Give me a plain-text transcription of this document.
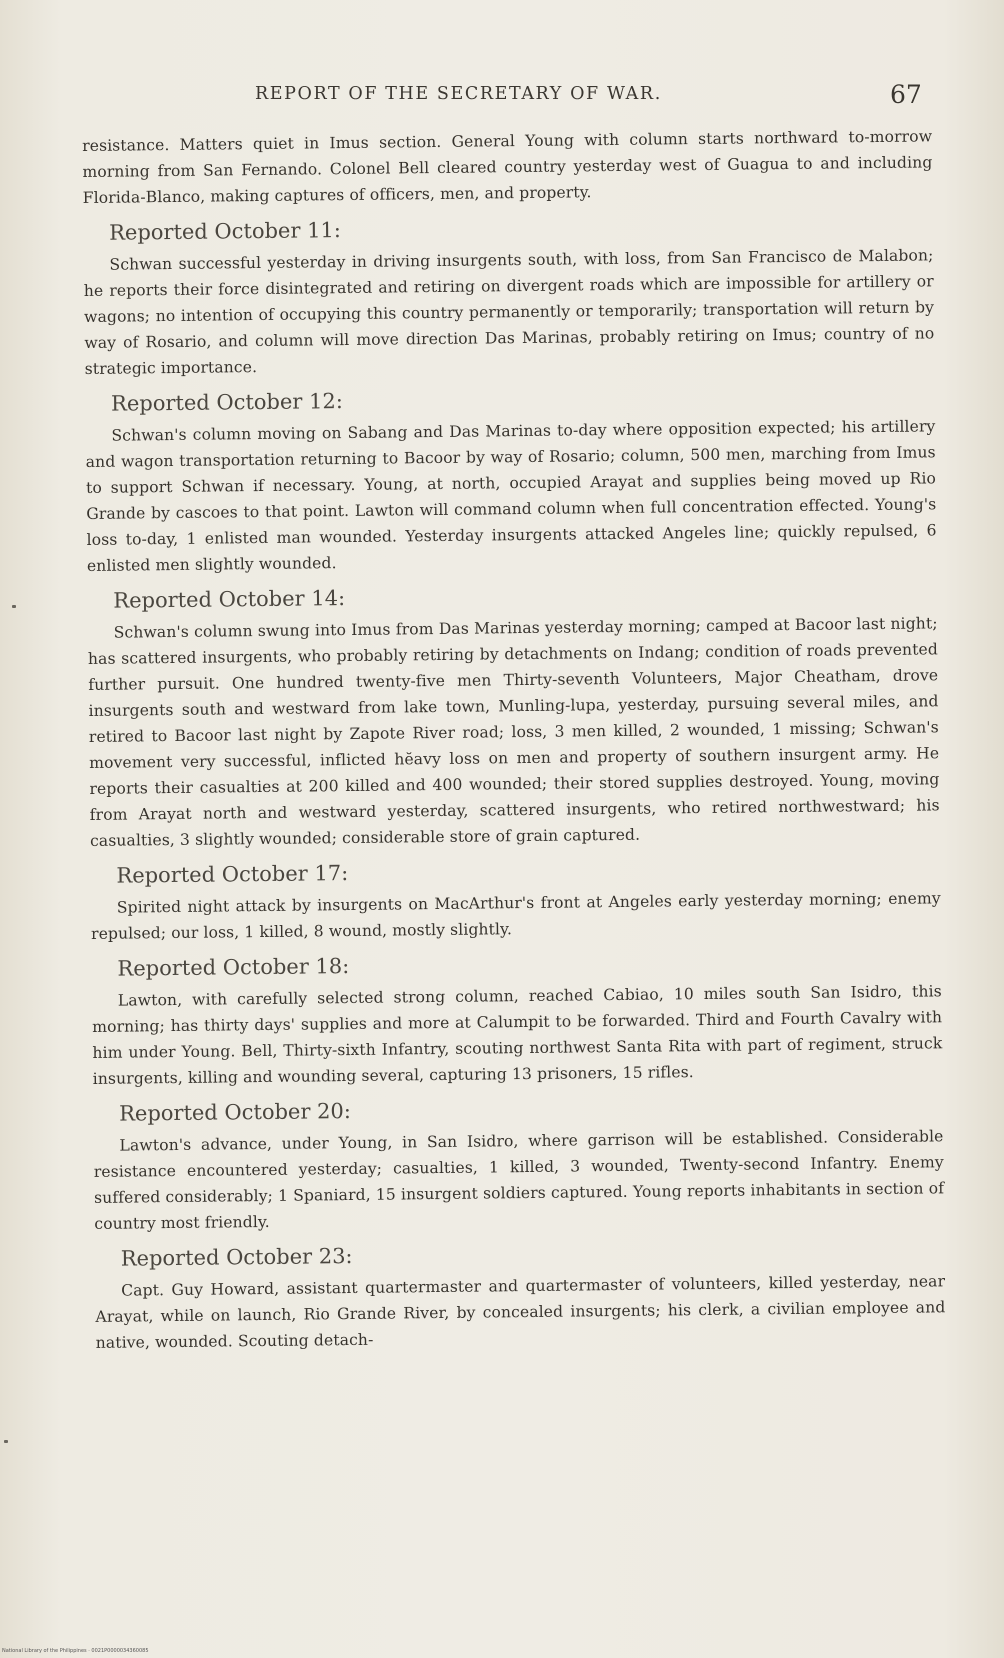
REPORT OF THE SECRETARY OF WAR.	67

resistance. Matters quiet in Imus section. General Young with column starts northward to-morrow morning from San Fernando. Colonel Bell cleared country yesterday west of Guagua to and including Florida-Blanco, making captures of officers, men, and property.

Reported October 11:

Schwan successful yesterday in driving insurgents south, with loss, from San Francisco de Malabon; he reports their force disintegrated and retiring on divergent roads which are impossible for artillery or wagons; no intention of occupying this country permanently or temporarily; transportation will return by way of Rosario, and column will move direction Das Marinas, probably retiring on Imus; country of no strategic importance.

Reported October 12:

Schwan's column moving on Sabang and Das Marinas to-day where opposition expected; his artillery and wagon transportation returning to Bacoor by way of Rosario; column, 500 men, marching from Imus to support Schwan if necessary. Young, at north, occupied Arayat and supplies being moved up Rio Grande by cascoes to that point. Lawton will command column when full concentration effected. Young's loss to-day, 1 enlisted man wounded. Yesterday insurgents attacked Angeles line; quickly repulsed, 6 enlisted men slightly wounded.

Reported October 14:

Schwan's column swung into Imus from Das Marinas yesterday morning; camped at Bacoor last night; has scattered insurgents, who probably retiring by detachments on Indang; condition of roads prevented further pursuit. One hundred twenty-five men Thirty-seventh Volunteers, Major Cheatham, drove insurgents south and westward from lake town, Munling-lupa, yesterday, pursuing several miles, and retired to Bacoor last night by Zapote River road; loss, 3 men killed, 2 wounded, 1 missing; Schwan's movement very successful, inflicted hĕavy loss on men and property of southern insurgent army. He reports their casualties at 200 killed and 400 wounded; their stored supplies destroyed. Young, moving from Arayat north and westward yesterday, scattered insurgents, who retired northwestward; his casualties, 3 slightly wounded; considerable store of grain captured.

Reported October 17:

Spirited night attack by insurgents on MacArthur's front at Angeles early yesterday morning; enemy repulsed; our loss, 1 killed, 8 wound, mostly slightly.

Reported October 18:

Lawton, with carefully selected strong column, reached Cabiao, 10 miles south San Isidro, this morning; has thirty days' supplies and more at Calumpit to be forwarded. Third and Fourth Cavalry with him under Young. Bell, Thirty-sixth Infantry, scouting northwest Santa Rita with part of regiment, struck insurgents, killing and wounding several, capturing 13 prisoners, 15 rifles.

Reported October 20:

Lawton's advance, under Young, in San Isidro, where garrison will be established. Considerable resistance encountered yesterday; casualties, 1 killed, 3 wounded, Twenty-second Infantry. Enemy suffered considerably; 1 Spaniard, 15 insurgent soldiers captured. Young reports inhabitants in section of country most friendly.

Reported October 23:

Capt. Guy Howard, assistant quartermaster and quartermaster of volunteers, killed yesterday, near Arayat, while on launch, Rio Grande River, by concealed insurgents; his clerk, a civilian employee and native, wounded. Scouting detach-

National Library of the Philippines · 0021P0000034360085
